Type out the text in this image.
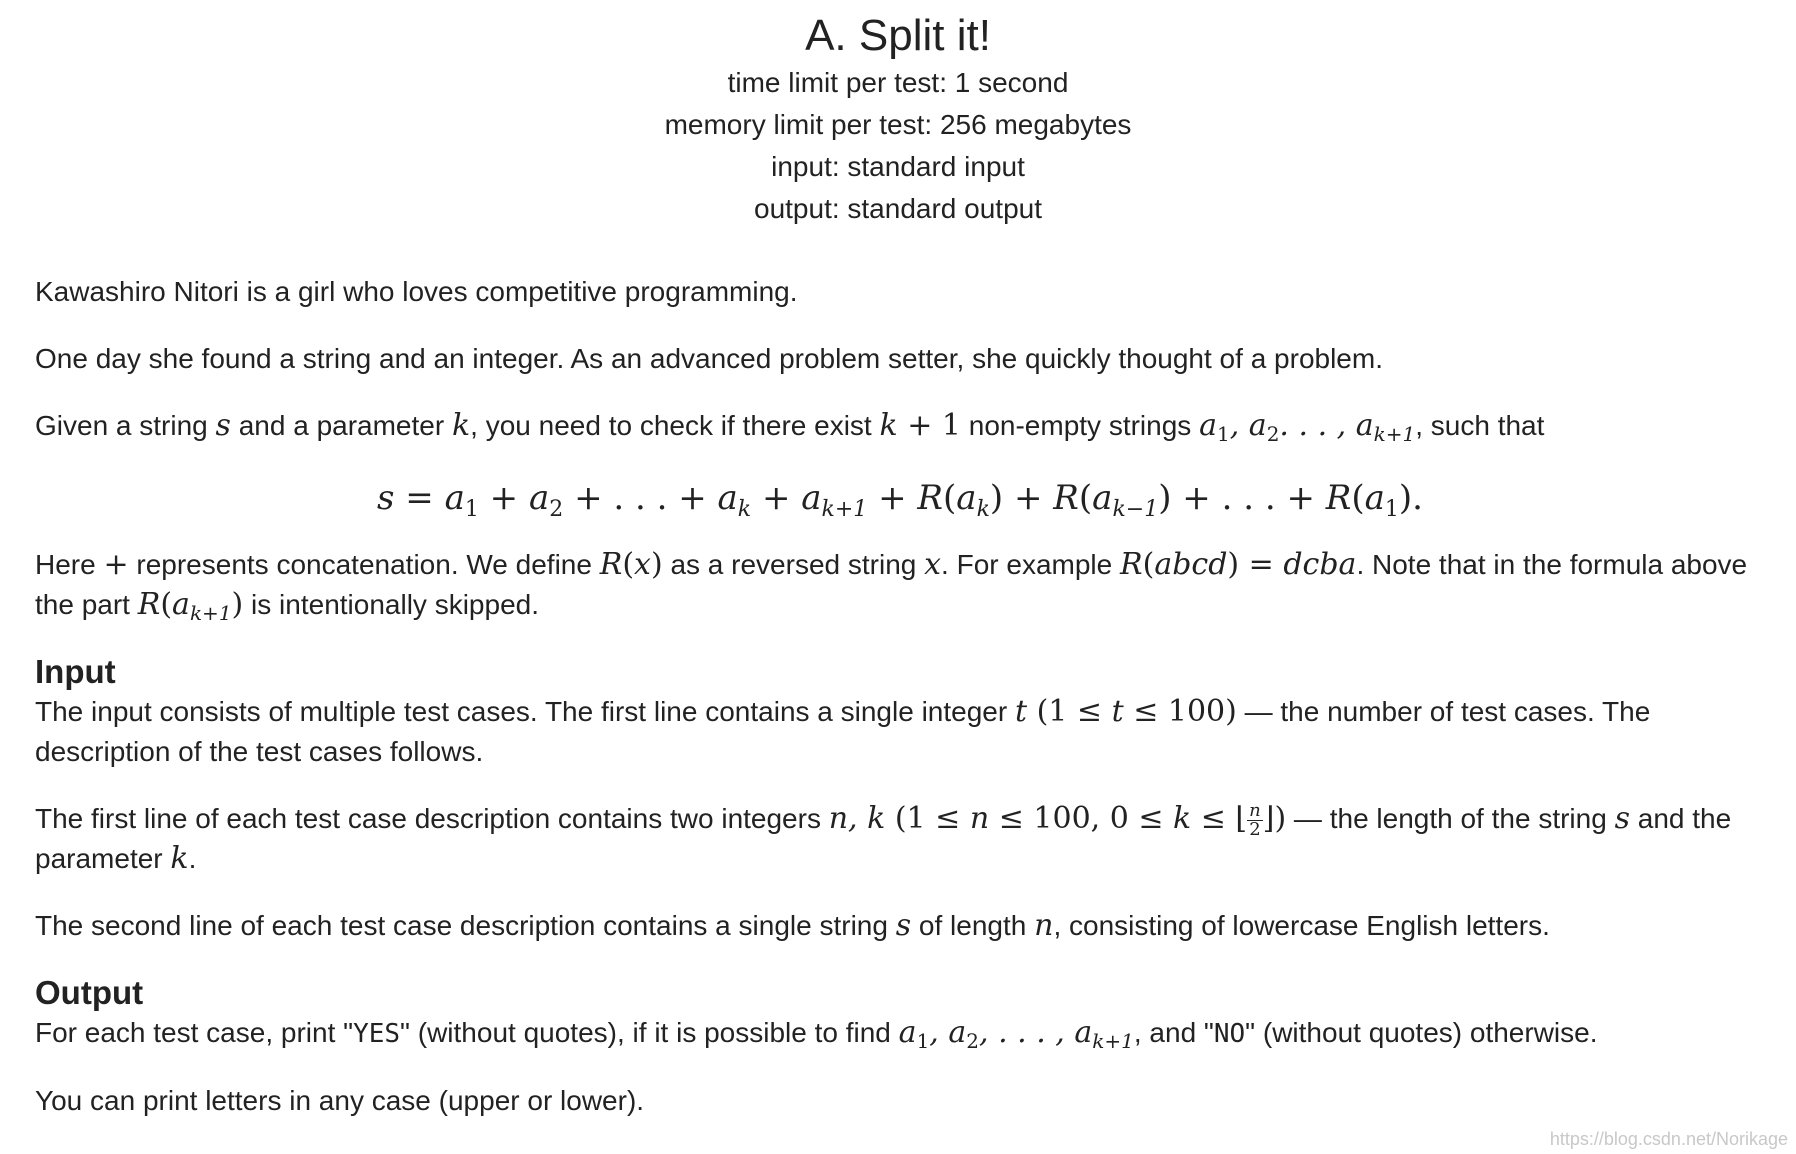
A. Split it!
time limit per test: 1 second
memory limit per test: 256 megabytes
input: standard input
output: standard output

Kawashiro Nitori is a girl who loves competitive programming.

One day she found a string and an integer. As an advanced problem setter, she quickly thought of a problem.

Given a string s and a parameter k, you need to check if there exist k + 1 non-empty strings $a_1$, $a_2$. . . , $a_{k+1}$, such that

$s = a_1 + a_2$ + . . . + $a_k + a_{k+1} + R(a_k) + R(a_{k-1})$ + . . . + $R(a_1)$.

Here + represents concatenation. We define R(x) as a reversed string x. For example R(abcd) = dcba. Note that in the formula above the part $R(a_{k+1})$ is intentionally skipped.

Input

The input consists of multiple test cases. The first line contains a single integer t (1 ≤ t ≤ 100) — the number of test cases. The description of the test cases follows.

The first line of each test case description contains two integers n, k (1 ≤ n ≤ 100, 0 ≤ k ≤ ⌊ $\frac{n}{2}$ ⌋) — the length of the string s and the parameter k.

The second line of each test case description contains a single string s of length n, consisting of lowercase English letters.

Output

For each test case, print "YES" (without quotes), if it is possible to find $a_1$, $a_2$, . . . , $a_{k+1}$, and "NO" (without quotes) otherwise.

You can print letters in any case (upper or lower).

https://blog.csdn.net/Norikage
